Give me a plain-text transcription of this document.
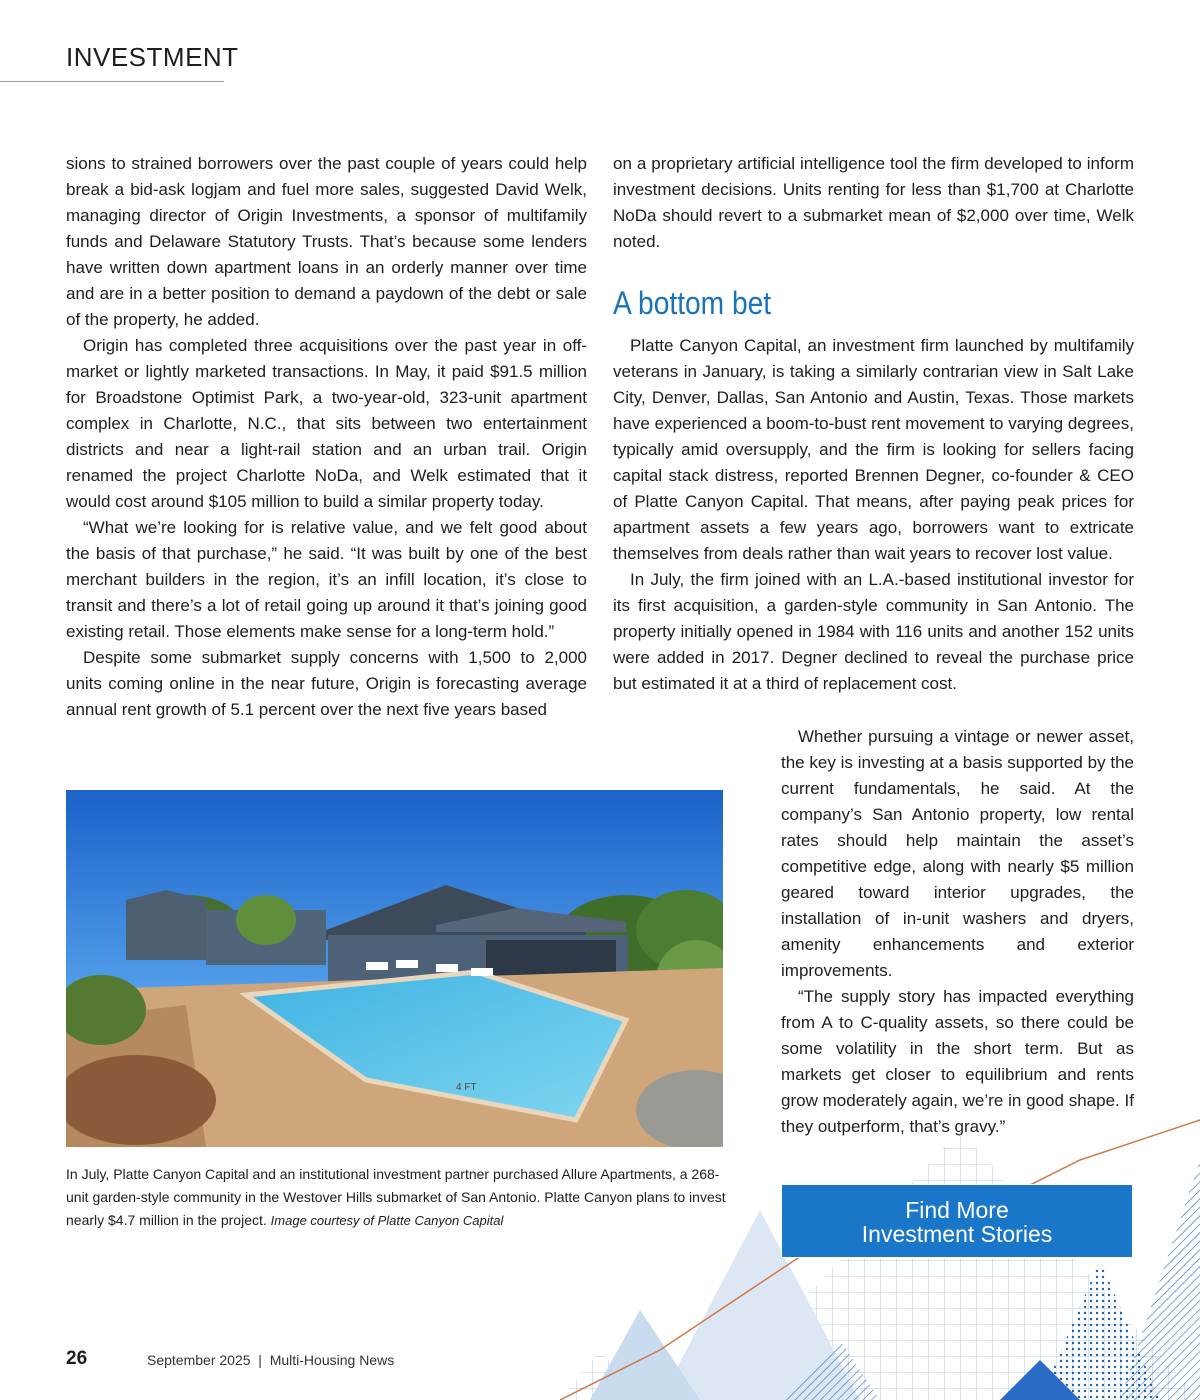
INVESTMENT

sions to strained borrowers over the past couple of years could help break a bid-ask logjam and fuel more sales, suggested David Welk, managing director of Origin Investments, a sponsor of multifamily funds and Delaware Statutory Trusts. That’s because some lenders have written down apartment loans in an orderly manner over time and are in a better position to demand a paydown of the debt or sale of the property, he added.

Origin has completed three acquisitions over the past year in off-market or lightly marketed transactions. In May, it paid $91.5 million for Broadstone Optimist Park, a two-year-old, 323-unit apartment complex in Charlotte, N.C., that sits between two entertainment districts and near a light-rail station and an urban trail. Origin renamed the project Charlotte NoDa, and Welk estimated that it would cost around $105 million to build a similar property today.

“What we’re looking for is relative value, and we felt good about the basis of that purchase,” he said. “It was built by one of the best merchant builders in the region, it’s an infill location, it’s close to transit and there’s a lot of retail going up around it that’s joining good existing retail. Those elements make sense for a long-term hold.”

Despite some submarket supply concerns with 1,500 to 2,000 units coming online in the near future, Origin is forecasting average annual rent growth of 5.1 percent over the next five years based

on a proprietary artificial intelligence tool the firm developed to inform investment decisions. Units renting for less than $1,700 at Charlotte NoDa should revert to a submarket mean of $2,000 over time, Welk noted.

A bottom bet

Platte Canyon Capital, an investment firm launched by multifamily veterans in January, is taking a similarly contrarian view in Salt Lake City, Denver, Dallas, San Antonio and Austin, Texas. Those markets have experienced a boom-to-bust rent movement to varying degrees, typically amid oversupply, and the firm is looking for sellers facing capital stack distress, reported Brennen Degner, co-founder & CEO of Platte Canyon Capital. That means, after paying peak prices for apartment assets a few years ago, borrowers want to extricate themselves from deals rather than wait years to recover lost value.

In July, the firm joined with an L.A.-based institutional investor for its first acquisition, a garden-style community in San Antonio. The property initially opened in 1984 with 116 units and another 152 units were added in 2017. Degner declined to reveal the purchase price but estimated it at a third of replacement cost.

Whether pursuing a vintage or newer asset, the key is investing at a basis supported by the current fundamentals, he said. At the company’s San Antonio property, low rental rates should help maintain the asset’s competitive edge, along with nearly $5 million geared toward interior upgrades, the installation of in-unit washers and dryers, amenity enhancements and exterior improvements.

“The supply story has impacted everything from A to C-quality assets, so there could be some volatility in the short term. But as markets get closer to equilibrium and rents grow moderately again, we’re in good shape. If they outperform, that’s gravy.”

4 FT
In July, Platte Canyon Capital and an institutional investment partner purchased Allure Apartments, a 268-unit garden-style community in the Westover Hills submarket of San Antonio. Platte Canyon plans to invest nearly $4.7 million in the project. Image courtesy of Platte Canyon Capital	Find More
Investment Stories
26	September 2025  |  Multi-Housing News
